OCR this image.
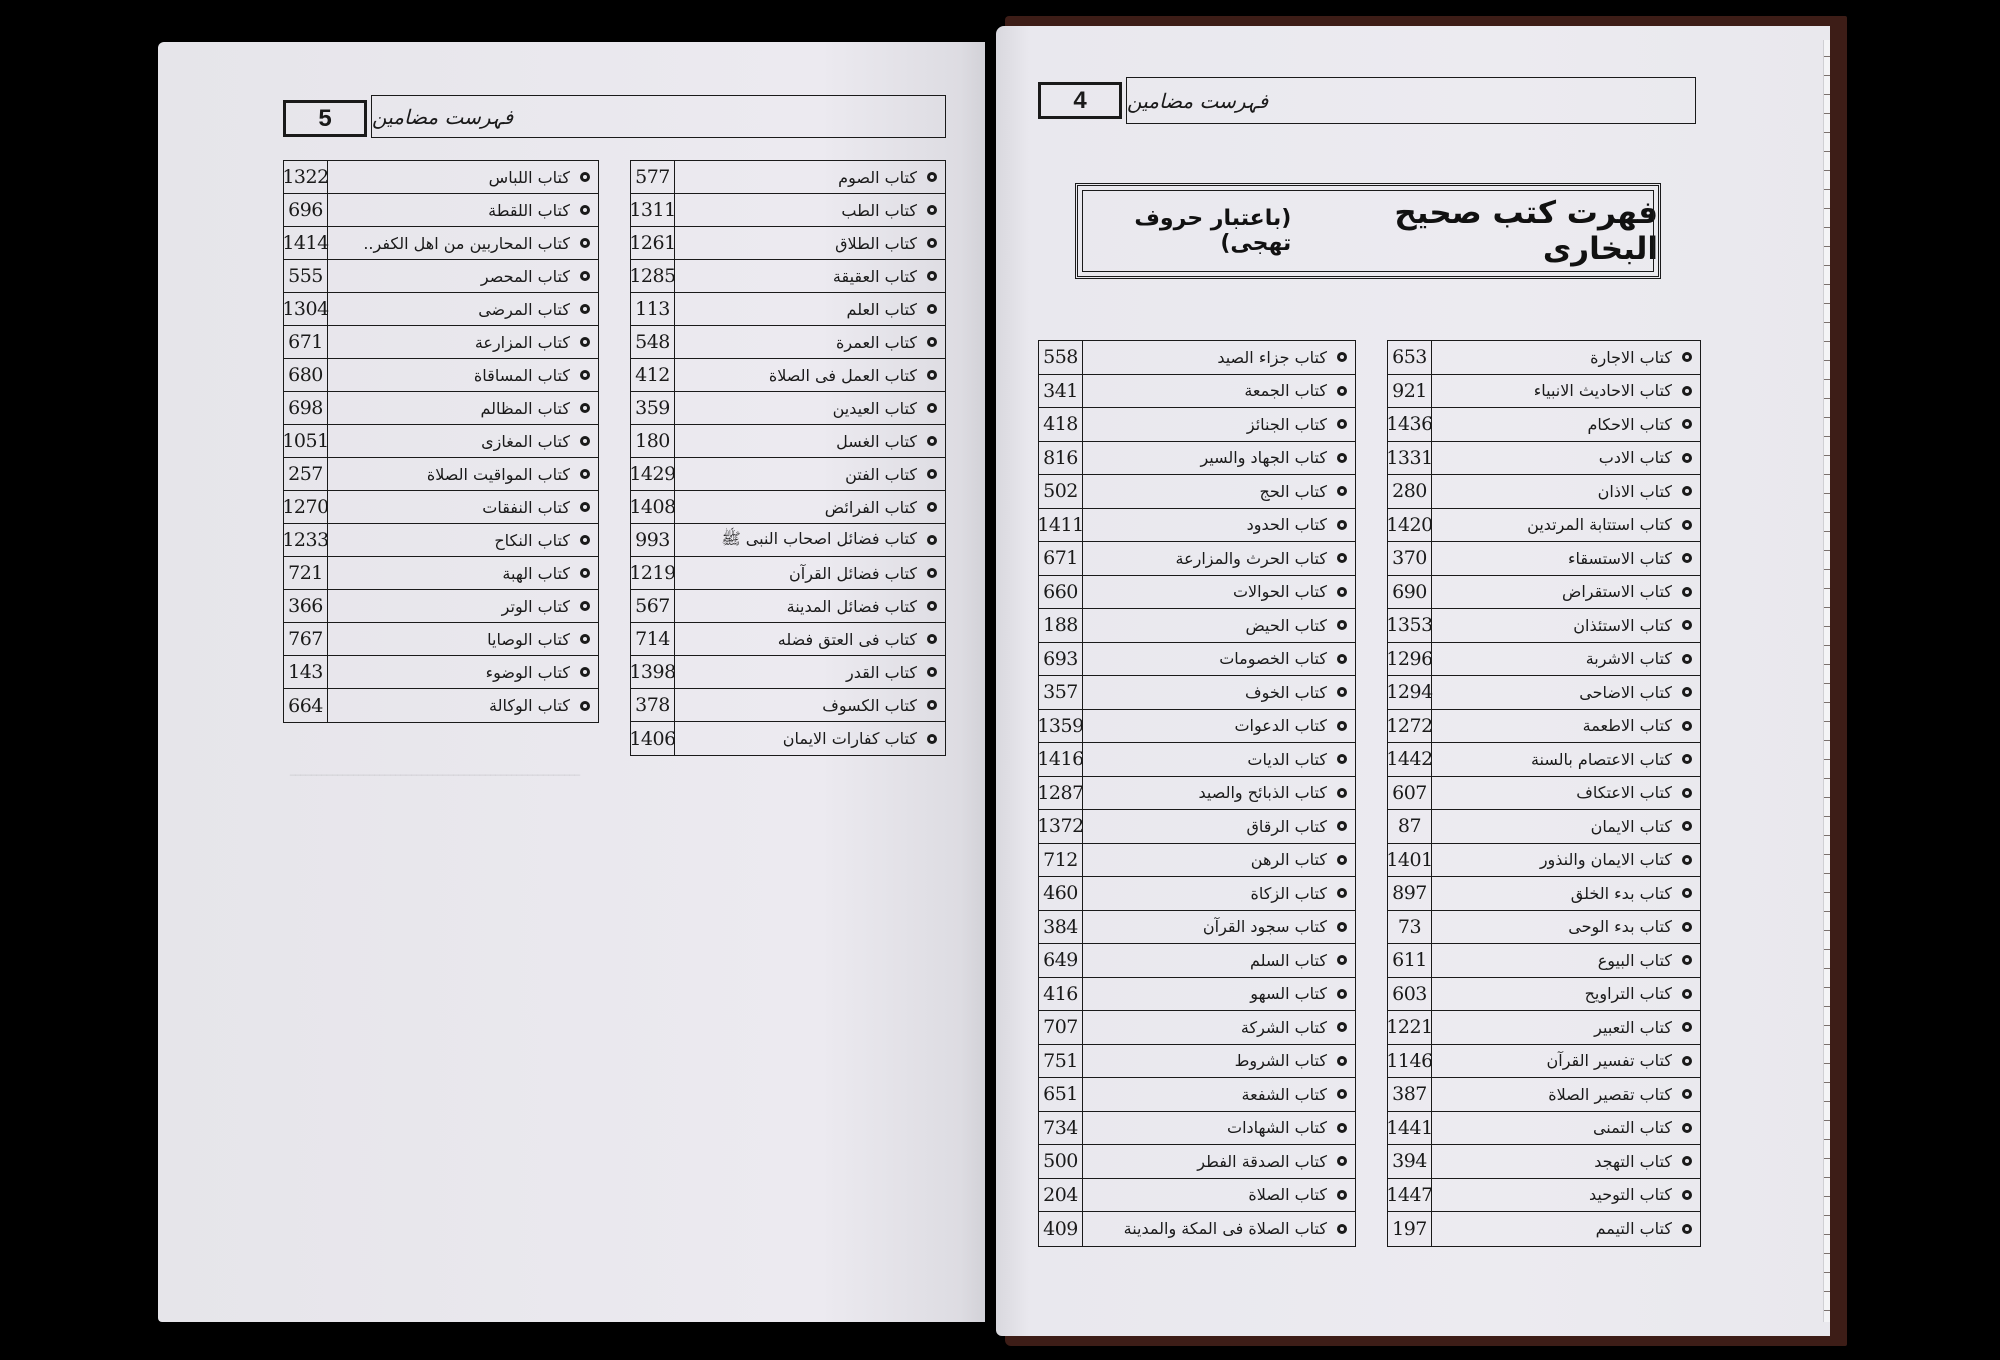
5 فہرست مضامین
1322	كتاب اللباس
696	كتاب اللقطة
1414 كتاب المحاربين من اهل الكفر..
555	كتاب المحصر
1304	كتاب المرضى
671	كتاب المزارعة
680	كتاب المساقاة
698	كتاب المظالم
1051	كتاب المغازى
257	كتاب المواقيت الصلاة
1270	كتاب النفقات
1233	كتاب النكاح
721	كتاب الهبة
366	كتاب الوتر
767	كتاب الوصايا
143	كتاب الوضوء
664	كتاب الوكالة
577	كتاب الصوم
1311	كتاب الطب
1261	كتاب الطلاق
1285	كتاب العقيقة
113	كتاب العلم
548	كتاب العمرة
412	كتاب العمل فى الصلاة
359	كتاب العيدين
180	كتاب الغسل
1429	كتاب الفتن
1408	كتاب الفرائض
993	كتاب فضائل اصحاب النبى ﷺ
1219	كتاب فضائل القرآن
567	كتاب فضائل المدينة
714	كتاب فى العتق فضله
1398	كتاب القدر
378	كتاب الكسوف
1406	كتاب كفارات الايمان
ـــــــــــــــــــــــــــــــــــــــــــــــــــــــ
4 فہرست مضامین
فهرت كتب صحيح البخارى
(باعتبار حروف تهجى)
558	كتاب جزاء الصيد
341	كتاب الجمعة
418	كتاب الجنائز
816	كتاب الجهاد والسير
502	كتاب الحج
1411	كتاب الحدود
671	كتاب الحرث والمزارعة
660	كتاب الحوالات
188	كتاب الحيض
693	كتاب الخصومات
357	كتاب الخوف
1359	كتاب الدعوات
1416	كتاب الديات
1287	كتاب الذبائح والصيد
1372	كتاب الرقاق
712	كتاب الرهن
460	كتاب الزكاة
384	كتاب سجود القرآن
649	كتاب السلم
416	كتاب السهو
707	كتاب الشركة
751	كتاب الشروط
651	كتاب الشفعة
734	كتاب الشهادات
500	كتاب الصدقة الفطر
204	كتاب الصلاة
409	كتاب الصلاة فى المكة والمدينة
653	كتاب الاجارة
921	كتاب الاحاديث الانبياء
1436	كتاب الاحكام
1331	كتاب الادب
280	كتاب الاذان
1420	كتاب استتابة المرتدين
370	كتاب الاستسقاء
690	كتاب الاستقراض
1353	كتاب الاستئذان
1296	كتاب الاشربة
1294	كتاب الاضاحى
1272	كتاب الاطعمة
1442	كتاب الاعتصام بالسنة
607	كتاب الاعتكاف
87	كتاب الايمان
1401	كتاب الايمان والنذور
897	كتاب بدء الخلق
73	كتاب بدء الوحى
611	كتاب البيوع
603	كتاب التراويح
1221	كتاب التعبير
1146	كتاب تفسير القرآن
387	كتاب تقصير الصلاة
1441	كتاب التمنى
394	كتاب التهجد
1447	كتاب التوحيد
197	كتاب التيمم
